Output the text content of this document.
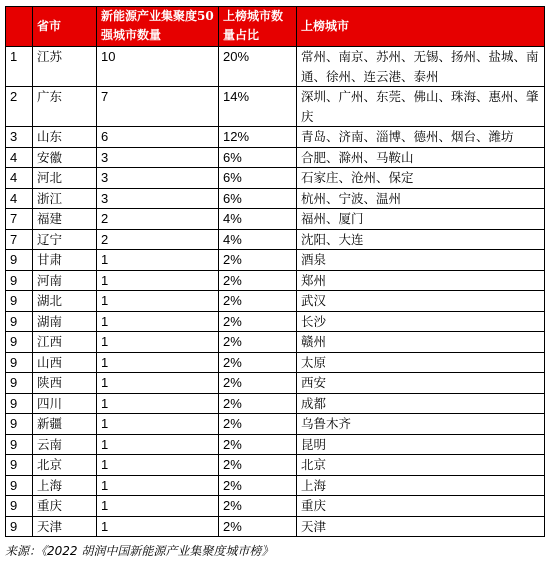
	省市	新能源产业集聚度50 强城市数量	上榜城市数量占比	上榜城市
1	江苏	10	20%	常州、南京、苏州、无锡、扬州、盐城、南通、徐州、连云港、泰州
2	广东	7	14%	深圳、广州、东莞、佛山、珠海、惠州、肇庆
3	山东	6	12%	青岛、济南、淄博、德州、烟台、潍坊
4	安徽	3	6%	合肥、滁州、马鞍山
4	河北	3	6%	石家庄、沧州、保定
4	浙江	3	6%	杭州、宁波、温州
7	福建	2	4%	福州、厦门
7	辽宁	2	4%	沈阳、大连
9	甘肃	1	2%	酒泉
9	河南	1	2%	郑州
9	湖北	1	2%	武汉
9	湖南	1	2%	长沙
9	江西	1	2%	赣州
9	山西	1	2%	太原
9	陕西	1	2%	西安
9	四川	1	2%	成都
9	新疆	1	2%	乌鲁木齐
9	云南	1	2%	昆明
9	北京	1	2%	北京
9	上海	1	2%	上海
9	重庆	1	2%	重庆
9	天津	1	2%	天津
来源：《2022 胡润中国新能源产业集聚度城市榜》
